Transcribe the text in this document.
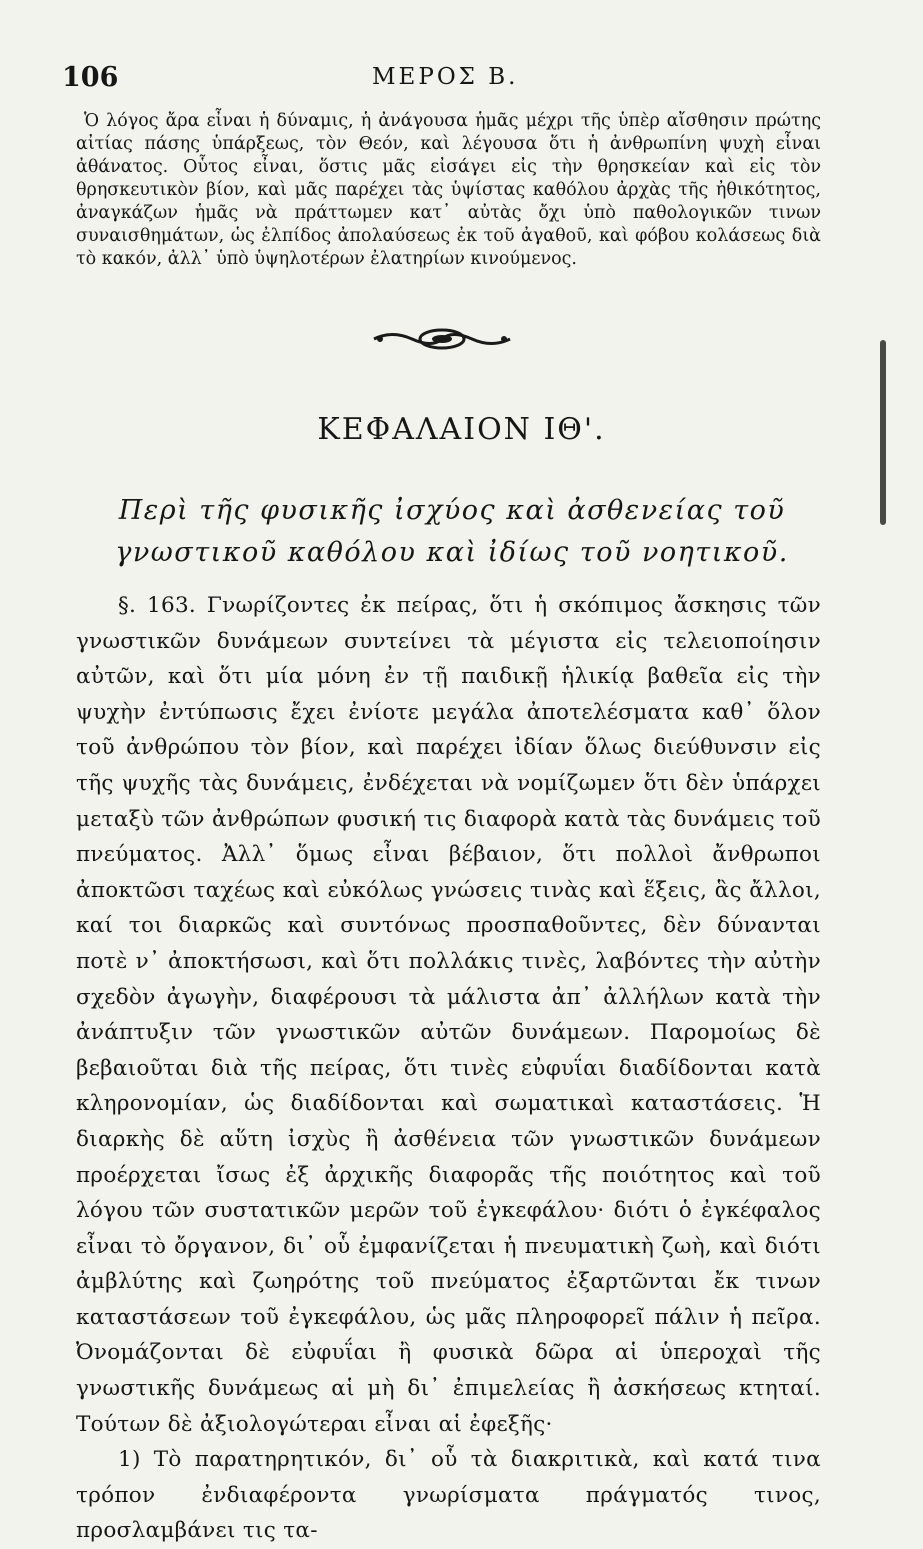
106	ΜΕΡΟΣ Β.
Ὁ λόγος ἄρα εἶναι ἡ δύναμις, ἡ ἀνάγουσα ἡμᾶς μέχρι τῆς ὑπὲρ αἴσθησιν πρώτης αἰτίας πάσης ὑπάρξεως, τὸν Θεόν, καὶ λέγουσα ὅτι ἡ ἀνθρωπίνη ψυχὴ εἶναι ἀθάνατος. Οὗτος εἶναι, ὅστις μᾶς εἰσάγει εἰς τὴν θρησκείαν καὶ εἰς τὸν θρησκευτικὸν βίον, καὶ μᾶς παρέχει τὰς ὑψίστας καθόλου ἀρχὰς τῆς ἠθικότητος, ἀναγκάζων ἡμᾶς νὰ πράττωμεν κατ᾽ αὐτὰς ὄχι ὑπὸ παθολογικῶν τινων συναισθημάτων, ὡς ἐλπίδος ἀπολαύσεως ἐκ τοῦ ἀγαθοῦ, καὶ φόβου κολάσεως διὰ τὸ κακόν, ἀλλ᾽ ὑπὸ ὑψηλοτέρων ἐλατηρίων κινούμενος.
ΚΕΦΑΛΑΙΟΝ ΙΘ'.
Περὶ τῆς φυσικῆς ἰσχύος καὶ ἀσθενείας τοῦ γνωστικοῦ καθόλου καὶ ἰδίως τοῦ νοητικοῦ.

§. 163. Γνωρίζοντες ἐκ πείρας, ὅτι ἡ σκόπιμος ἄσκησις τῶν γνωστικῶν δυνάμεων συντείνει τὰ μέγιστα εἰς τελειοποίησιν αὐτῶν, καὶ ὅτι μία μόνη ἐν τῇ παιδικῇ ἡλικίᾳ βαθεῖα εἰς τὴν ψυχὴν ἐντύπωσις ἔχει ἐνίοτε μεγάλα ἀποτελέσματα καθ᾽ ὅλον τοῦ ἀνθρώπου τὸν βίον, καὶ παρέχει ἰδίαν ὅλως διεύθυνσιν εἰς τῆς ψυχῆς τὰς δυνάμεις, ἐνδέχεται νὰ νομίζωμεν ὅτι δὲν ὑπάρχει μεταξὺ τῶν ἀνθρώπων φυσική τις διαφορὰ κατὰ τὰς δυνάμεις τοῦ πνεύματος. Ἀλλ᾽ ὅμως εἶναι βέβαιον, ὅτι πολλοὶ ἄνθρωποι ἀποκτῶσι ταχέως καὶ εὐκόλως γνώσεις τινὰς καὶ ἕξεις, ἃς ἄλλοι, καί τοι διαρκῶς καὶ συντόνως προσπαθοῦντες, δὲν δύνανται ποτὲ ν᾽ ἀποκτήσωσι, καὶ ὅτι πολλάκις τινὲς, λαβόντες τὴν αὐτὴν σχεδὸν ἀγωγὴν, διαφέρουσι τὰ μάλιστα ἀπ᾽ ἀλλήλων κατὰ τὴν ἀνάπτυξιν τῶν γνωστικῶν αὐτῶν δυνάμεων. Παρομοίως δὲ βεβαιοῦται διὰ τῆς πείρας, ὅτι τινὲς εὐφυΐαι διαδίδονται κατὰ κληρονομίαν, ὡς διαδίδονται καὶ σωματικαὶ καταστάσεις. Ἡ διαρκὴς δὲ αὕτη ἰσχὺς ἢ ἀσθένεια τῶν γνωστικῶν δυνάμεων προέρχεται ἴσως ἐξ ἀρχικῆς διαφορᾶς τῆς ποιότητος καὶ τοῦ λόγου τῶν συστατικῶν μερῶν τοῦ ἐγκεφάλου· διότι ὁ ἐγκέφαλος εἶναι τὸ ὄργανον, δι᾽ οὗ ἐμφανίζεται ἡ πνευματικὴ ζωὴ, καὶ διότι ἀμβλύτης καὶ ζωηρότης τοῦ πνεύματος ἐξαρτῶνται ἔκ τινων καταστάσεων τοῦ ἐγκεφάλου, ὡς μᾶς πληροφορεῖ πάλιν ἡ πεῖρα. Ὀνομάζονται δὲ εὐφυΐαι ἢ φυσικὰ δῶρα αἱ ὑπεροχαὶ τῆς γνωστικῆς δυνάμεως αἱ μὴ δι᾽ ἐπιμελείας ἢ ἀσκήσεως κτηταί. Τούτων δὲ ἀξιολογώτεραι εἶναι αἱ ἐφεξῆς·

1) Τὸ παρατηρητικόν, δι᾽ οὗ τὰ διακριτικὰ, καὶ κατά τινα τρόπον ἐνδιαφέροντα γνωρίσματα πράγματός τινος, προσλαμβάνει τις τα-
